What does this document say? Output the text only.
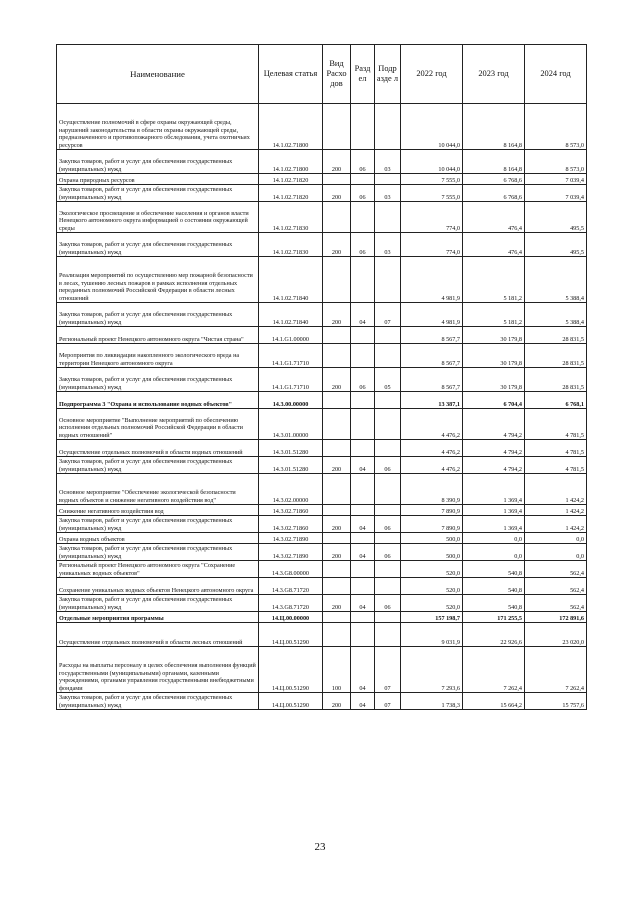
Наименование	Целевая статья	Вид Расхо дов	Разд ел	Подр азде л	2022 год	2023 год	2024 год
Осуществление полномочий в сфере охраны окружающей среды, нарушений законодательства в области охраны окружающей среды, предназначенного и противопожарного обследования, учета охотничьих ресурсов	14.1.02.71800				10 044,0	8 164,8	8 573,0
Закупка товаров, работ и услуг для обеспечения государственных (муниципальных) нужд	14.1.02.71800	200	06	03	10 044,0	8 164,8	8 573,0
Охрана природных ресурсов	14.1.02.71820				7 555,0	6 768,6	7 039,4
Закупка товаров, работ и услуг для обеспечения государственных (муниципальных) нужд	14.1.02.71820	200	06	03	7 555,0	6 768,6	7 039,4
Экологическое просвещение и обеспечение населения и органов власти Ненецкого автономного округа информацией о состоянии окружающей среды	14.1.02.71830				774,0	476,4	495,5
Закупка товаров, работ и услуг для обеспечения государственных (муниципальных) нужд	14.1.02.71830	200	06	03	774,0	476,4	495,5
Реализация мероприятий по осуществлению мер пожарной безопасности в лесах, тушению лесных пожаров в рамках исполнения отдельных переданных полномочий Российской Федерации в области лесных отношений	14.1.02.71840				4 981,9	5 181,2	5 388,4
Закупка товаров, работ и услуг для обеспечения государственных (муниципальных) нужд	14.1.02.71840	200	04	07	4 981,9	5 181,2	5 388,4
Региональный проект Ненецкого автономного округа "Чистая страна"	14.1.G1.00000				8 567,7	30 179,8	28 831,5
Мероприятия по ликвидации накопленного экологического вреда на территории Ненецкого автономного округа	14.1.G1.71710				8 567,7	30 179,8	28 831,5
Закупка товаров, работ и услуг для обеспечения государственных (муниципальных) нужд	14.1.G1.71710	200	06	05	8 567,7	30 179,8	28 831,5
Подпрограмма 3 "Охрана и использование водных объектов"	14.3.00.00000				13 387,1	6 704,4	6 768,1
Основное мероприятие "Выполнение мероприятий по обеспечению исполнения отдельных полномочий Российской Федерации в области водных отношений"	14.3.01.00000				4 476,2	4 794,2	4 781,5
Осуществление отдельных полномочий в области водных отношений	14.3.01.51280				4 476,2	4 794,2	4 781,5
Закупка товаров, работ и услуг для обеспечения государственных (муниципальных) нужд	14.3.01.51280	200	04	06	4 476,2	4 794,2	4 781,5
Основное мероприятие "Обеспечение экологической безопасности водных объектов и снижение негативного воздействия вод"	14.3.02.00000				8 390,9	1 369,4	1 424,2
Снижение негативного воздействия вод	14.3.02.71860				7 890,9	1 369,4	1 424,2
Закупка товаров, работ и услуг для обеспечения государственных (муниципальных) нужд	14.3.02.71860	200	04	06	7 890,9	1 369,4	1 424,2
Охрана водных объектов	14.3.02.71890				500,0	0,0	0,0
Закупка товаров, работ и услуг для обеспечения государственных (муниципальных) нужд	14.3.02.71890	200	04	06	500,0	0,0	0,0
Региональный проект Ненецкого автономного округа "Сохранение уникальных водных объектов"	14.3.G8.00000				520,0	540,8	562,4
Сохранение уникальных водных объектов Ненецкого автономного округа	14.3.G8.71720				520,0	540,8	562,4
Закупка товаров, работ и услуг для обеспечения государственных (муниципальных) нужд	14.3.G8.71720	200	04	06	520,0	540,8	562,4
Отдельные мероприятия программы	14.Ц.00.00000				157 198,7	171 255,5	172 891,6
Осуществление отдельных полномочий в области лесных отношений	14.Ц.00.51290				9 031,9	22 926,6	23 020,0
Расходы на выплаты персоналу в целях обеспечения выполнения функций государственными (муниципальными) органами, казенными учреждениями, органами управления государственными внебюджетными фондами	14.Ц.00.51290	100	04	07	7 293,6	7 262,4	7 262,4
Закупка товаров, работ и услуг для обеспечения государственных (муниципальных) нужд	14.Ц.00.51290	200	04	07	1 738,3	15 664,2	15 757,6
23
